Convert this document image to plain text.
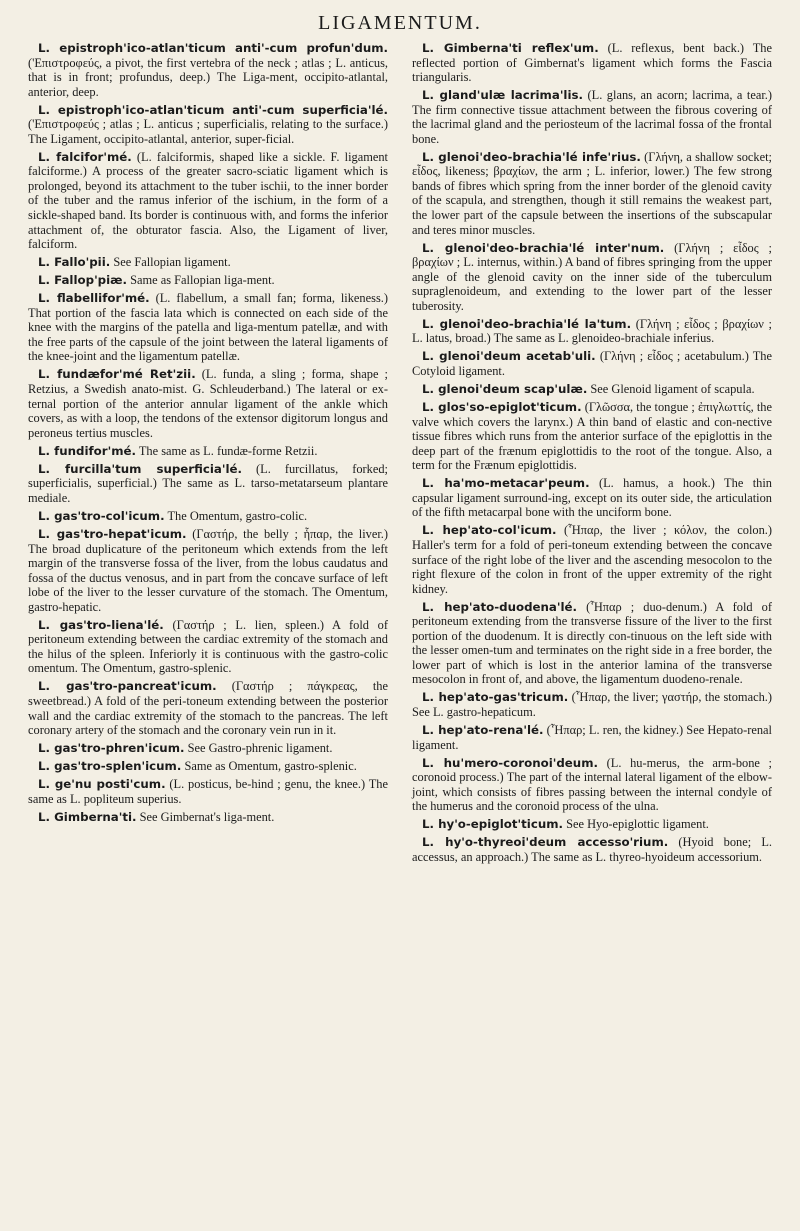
LIGAMENTUM.

L. epistroph'ico-atlan'ticum anti'-cum profun'dum. ('Επιστροφεύς, a pivot, the first vertebra of the neck ; atlas ; L. anticus, that is in front; profundus, deep.) The Liga-ment, occipito-atlantal, anterior, deep.

L. epistroph'ico-atlan'ticum anti'-cum superficia'lé. ('Επιστροφεύς ; atlas ; L. anticus ; superficialis, relating to the surface.) The Ligament, occipito-atlantal, anterior, super-ficial.

L. falcifor'mé. (L. falciformis, shaped like a sickle. F. ligament falciforme.) A process of the greater sacro-sciatic ligament which is prolonged, beyond its attachment to the tuber ischii, to the inner border of the tuber and the ramus inferior of the ischium, in the form of a sickle-shaped band. Its border is continuous with, and forms the inferior attachment of, the obturator fascia. Also, the Ligament of liver, falciform.

L. Fallo'pii. See Fallopian ligament.

L. Fallop'piæ. Same as Fallopian liga-ment.

L. flabellifor'mé. (L. flabellum, a small fan; forma, likeness.) That portion of the fascia lata which is connected on each side of the knee with the margins of the patella and liga-mentum patellæ, and with the free parts of the capsule of the joint between the lateral ligaments of the knee-joint and the ligamentum patellæ.

L. fundæfor'mé Ret'zii. (L. funda, a sling ; forma, shape ; Retzius, a Swedish anato-mist. G. Schleuderband.) The lateral or ex-ternal portion of the anterior annular ligament of the ankle which covers, as with a loop, the tendons of the extensor digitorum longus and peroneus tertius muscles.

L. fundifor'mé. The same as L. fundæ-forme Retzii.

L. furcilla'tum superficia'lé. (L. furcillatus, forked; superficialis, superficial.) The same as L. tarso-metatarseum plantare mediale.

L. gas'tro-col'icum. The Omentum, gastro-colic.

L. gas'tro-hepat'icum. (Γαστήρ, the belly ; ἧπαρ, the liver.) The broad duplicature of the peritoneum which extends from the left margin of the transverse fossa of the liver, from the lobus caudatus and fossa of the ductus venosus, and in part from the concave surface of left lobe of the liver to the lesser curvature of the stomach. The Omentum, gastro-hepatic.

L. gas'tro-liena'lé. (Γαστήρ ; L. lien, spleen.) A fold of peritoneum extending between the cardiac extremity of the stomach and the hilus of the spleen. Inferiorly it is continuous with the gastro-colic omentum. The Omentum, gastro-splenic.

L. gas'tro-pancreat'icum. (Γαστήρ ; πάγκρεας, the sweetbread.) A fold of the peri-toneum extending between the posterior wall and the cardiac extremity of the stomach to the pancreas. The left coronary artery of the stomach and the coronary vein run in it.

L. gas'tro-phren'icum. See Gastro-phrenic ligament.

L. gas'tro-splen'icum. Same as Omentum, gastro-splenic.

L. ge'nu posti'cum. (L. posticus, be-hind ; genu, the knee.) The same as L. popliteum superius.

L. Gimberna'ti. See Gimbernat's liga-ment.

L. Gimberna'ti reflex'um. (L. reflexus, bent back.) The reflected portion of Gimbernat's ligament which forms the Fascia triangularis.

L. gland'ulæ lacrima'lis. (L. glans, an acorn; lacrima, a tear.) The firm connective tissue attachment between the fibrous covering of the lacrimal gland and the periosteum of the lacrimal fossa of the frontal bone.

L. glenoi'deo-brachia'lé infe'rius. (Γλήνη, a shallow socket; εἶδος, likeness; βραχίων, the arm ; L. inferior, lower.) The few strong bands of fibres which spring from the inner border of the glenoid cavity of the scapula, and strengthen, though it still remains the weakest part, the lower part of the capsule between the insertions of the subscapular and teres minor muscles.

L. glenoi'deo-brachia'lé inter'num. (Γλήνη ; εἶδος ; βραχίων ; L. internus, within.) A band of fibres springing from the upper angle of the glenoid cavity on the inner side of the tuberculum supraglenoideum, and extending to the lower part of the lesser tuberosity.

L. glenoi'deo-brachia'lé la'tum. (Γλήνη ; εἶδος ; βραχίων ; L. latus, broad.) The same as L. glenoideo-brachiale inferius.

L. glenoi'deum acetab'uli. (Γλήνη ; εἶδος ; acetabulum.) The Cotyloid ligament.

L. glenoi'deum scap'ulæ. See Glenoid ligament of scapula.

L. glos'so-epiglot'ticum. (Γλῶσσα, the tongue ; ἐπιγλωττίς, the valve which covers the larynx.) A thin band of elastic and con-nective tissue fibres which runs from the anterior surface of the epiglottis in the deep part of the frænum epiglottidis to the root of the tongue. Also, a term for the Frænum epiglottidis.

L. ha'mo-metacar'peum. (L. hamus, a hook.) The thin capsular ligament surround-ing, except on its outer side, the articulation of the fifth metacarpal bone with the unciform bone.

L. hep'ato-col'icum. (Ἧπαρ, the liver ; κόλον, the colon.) Haller's term for a fold of peri-toneum extending between the concave surface of the right lobe of the liver and the ascending mesocolon to the right flexure of the colon in front of the upper extremity of the right kidney.

L. hep'ato-duodena'lé. (Ἧπαρ ; duo-denum.) A fold of peritoneum extending from the transverse fissure of the liver to the first portion of the duodenum. It is directly con-tinuous on the left side with the lesser omen-tum and terminates on the right side in a free border, the lower part of which is lost in the anterior lamina of the transverse mesocolon in front of, and above, the ligamentum duodeno-renale.

L. hep'ato-gas'tricum. (Ἧπαρ, the liver; γαστήρ, the stomach.) See L. gastro-hepaticum.

L. hep'ato-rena'lé. (Ἧπαρ; L. ren, the kidney.) See Hepato-renal ligament.

L. hu'mero-coronoi'deum. (L. hu-merus, the arm-bone ; coronoid process.) The part of the internal lateral ligament of the elbow-joint, which consists of fibres passing between the internal condyle of the humerus and the coronoid process of the ulna.

L. hy'o-epiglot'ticum. See Hyo-epiglottic ligament.

L. hy'o-thyreoi'deum accesso'rium. (Hyoid bone; L. accessus, an approach.) The same as L. thyreo-hyoideum accessorium.
